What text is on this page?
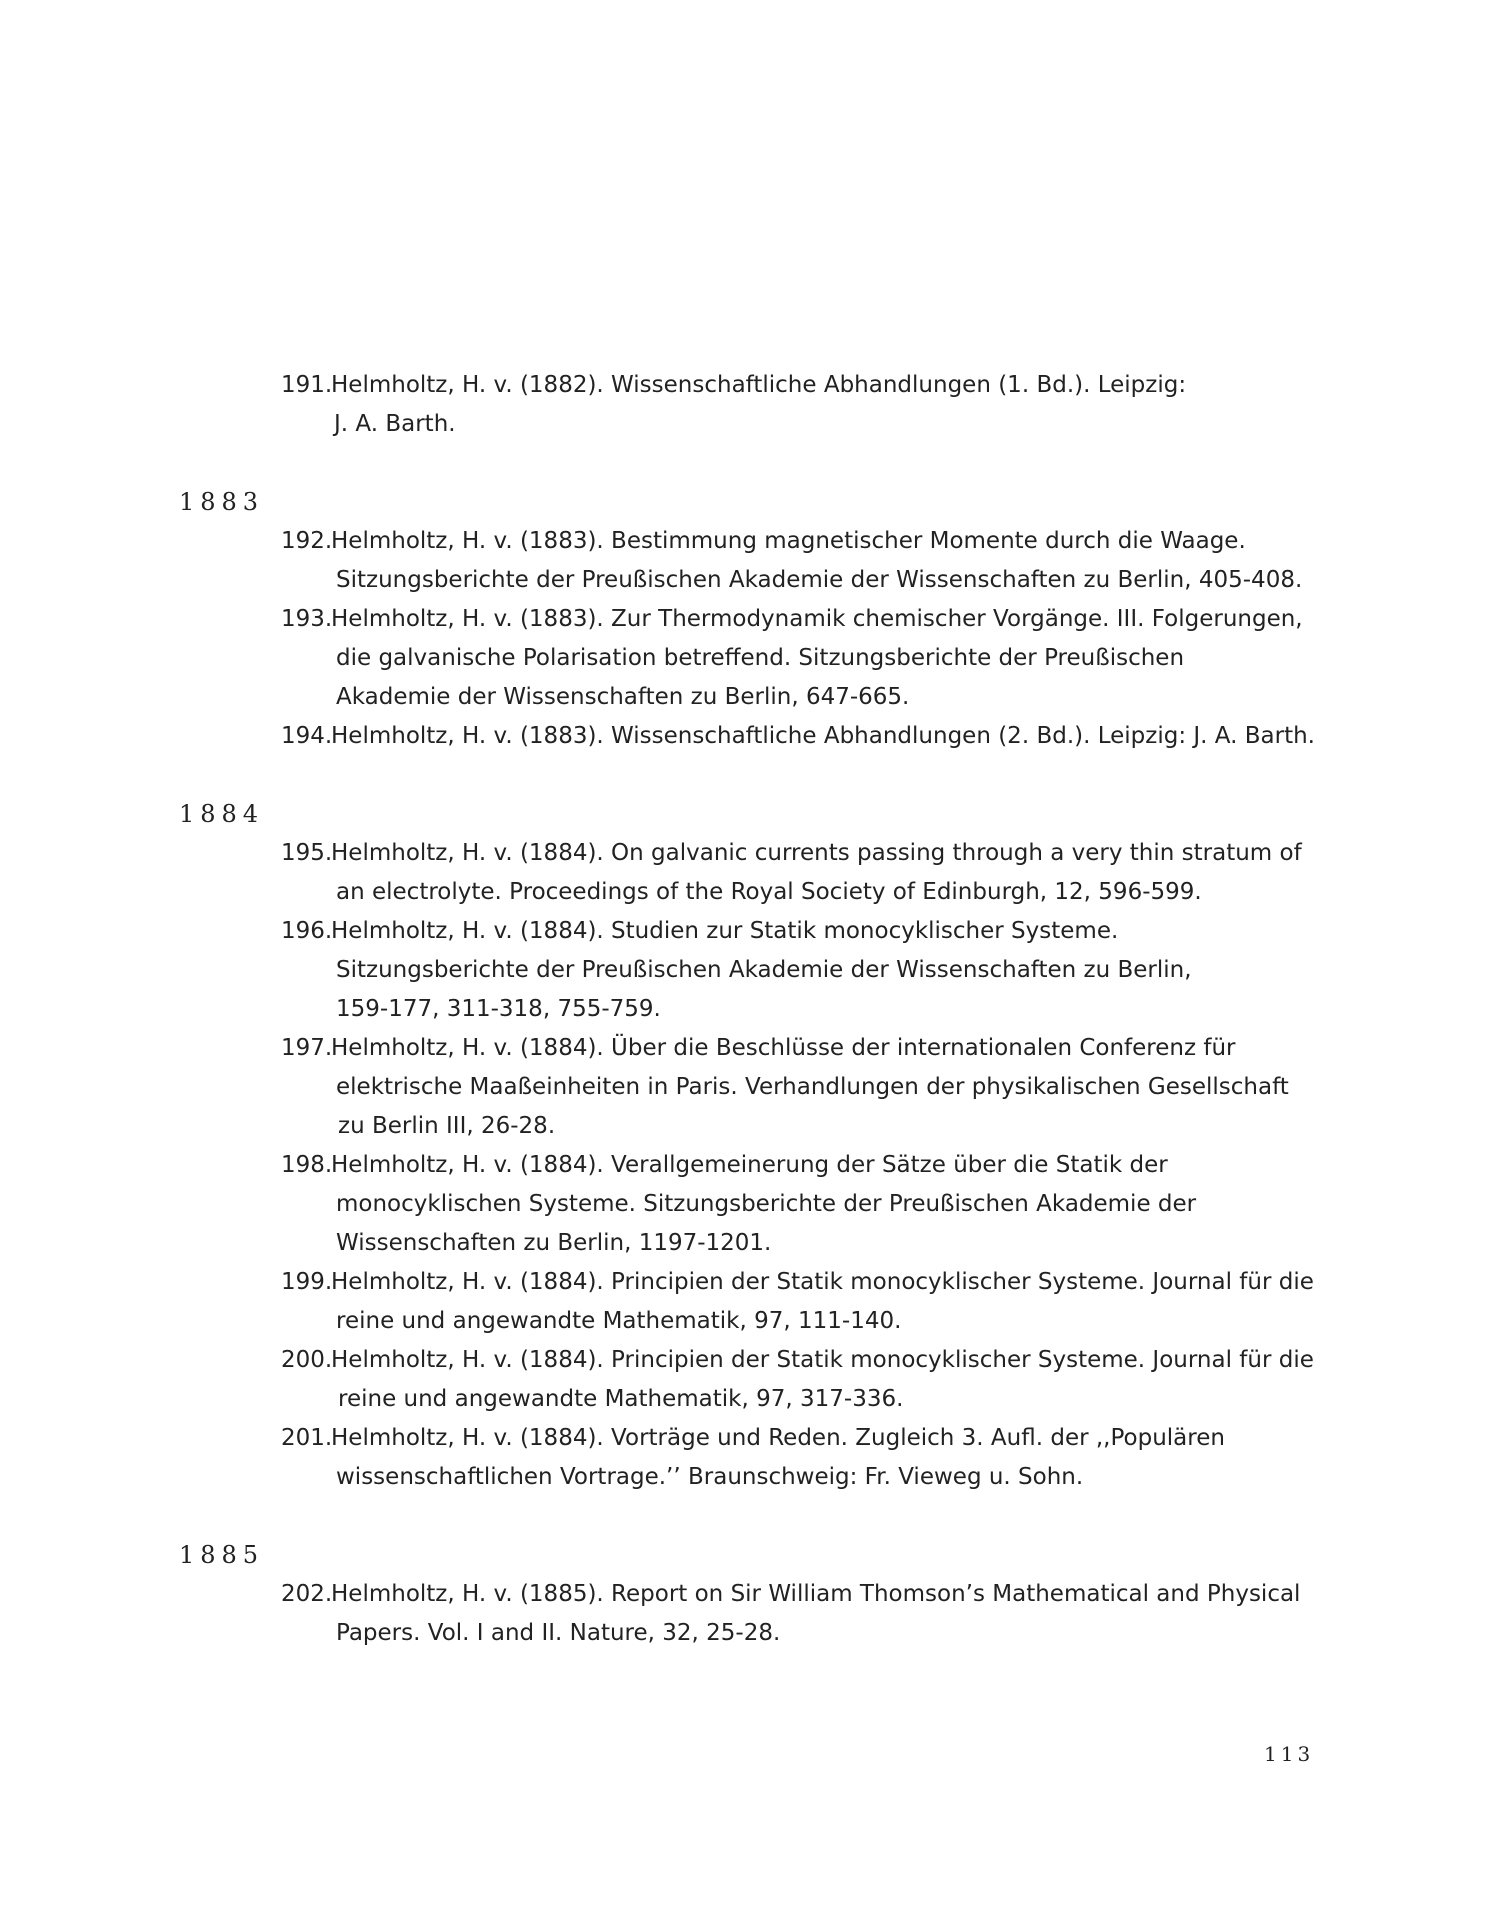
191.
Helmholtz, H. v. (1882). Wissenschaftliche Abhandlungen (1. Bd.). Leipzig:
J. A. Barth.
1883
192.
Helmholtz, H. v. (1883). Bestimmung magnetischer Momente durch die Waage.
Sitzungsberichte der Preußischen Akademie der Wissenschaften zu Berlin, 405-408.
193.
Helmholtz, H. v. (1883). Zur Thermodynamik chemischer Vorgänge. III. Folgerungen,
die galvanische Polarisation betreffend. Sitzungsberichte der Preußischen
Akademie der Wissenschaften zu Berlin, 647-665.
194.
Helmholtz, H. v. (1883). Wissenschaftliche Abhandlungen (2. Bd.). Leipzig: J. A. Barth.
1884
195.
Helmholtz, H. v. (1884). On galvanic currents passing through a very thin stratum of
an electrolyte. Proceedings of the Royal Society of Edinburgh, 12, 596-599.
196.
Helmholtz, H. v. (1884). Studien zur Statik monocyklischer Systeme.
Sitzungsberichte der Preußischen Akademie der Wissenschaften zu Berlin,
159-177, 311-318, 755-759.
197.
Helmholtz, H. v. (1884). Über die Beschlüsse der internationalen Conferenz für
elektrische Maaßeinheiten in Paris. Verhandlungen der physikalischen Gesellschaft
zu Berlin III, 26-28.
198.
Helmholtz, H. v. (1884). Verallgemeinerung der Sätze über die Statik der
monocyklischen Systeme. Sitzungsberichte der Preußischen Akademie der
Wissenschaften zu Berlin, 1197-1201.
199.
Helmholtz, H. v. (1884). Principien der Statik monocyklischer Systeme. Journal für die
reine und angewandte Mathematik, 97, 111-140.
200.
Helmholtz, H. v. (1884). Principien der Statik monocyklischer Systeme. Journal für die
reine und angewandte Mathematik, 97, 317-336.
201.
Helmholtz, H. v. (1884). Vorträge und Reden. Zugleich 3. Aufl. der ,,Populären
wissenschaftlichen Vortrage.’’ Braunschweig: Fr. Vieweg u. Sohn.
1885
202.
Helmholtz, H. v. (1885). Report on Sir William Thomson’s Mathematical and Physical
Papers. Vol. I and II. Nature, 32, 25-28.
113
